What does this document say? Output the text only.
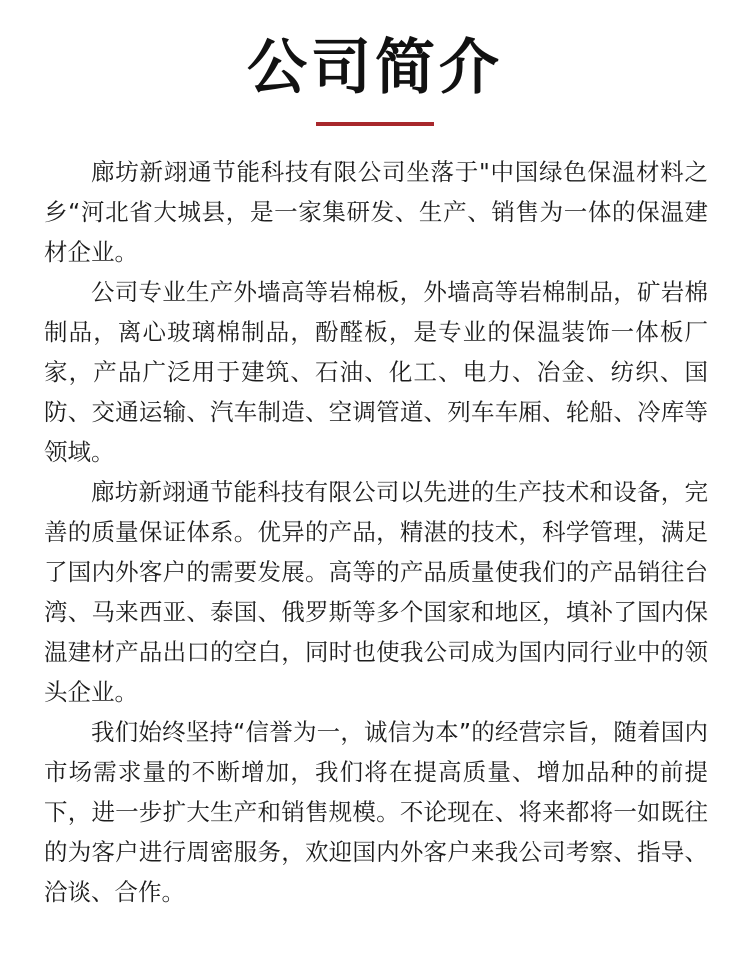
公司简介

廊坊新翊通节能科技有限公司坐落于"中国绿色保温材料之乡“河北省大城县，是一家集研发、生产、销售为一体的保温建材企业。

公司专业生产外墙高等岩棉板，外墙高等岩棉制品，矿岩棉制品，离心玻璃棉制品，酚醛板，是专业的保温装饰一体板厂家，产品广泛用于建筑、石油、化工、电力、冶金、纺织、国防、交通运输、汽车制造、空调管道、列车车厢、轮船、冷库等领域。

廊坊新翊通节能科技有限公司以先进的生产技术和设备，完善的质量保证体系。优异的产品，精湛的技术，科学管理，满足了国内外客户的需要发展。高等的产品质量使我们的产品销往台湾、马来西亚、泰国、俄罗斯等多个国家和地区，填补了国内保温建材产品出口的空白，同时也使我公司成为国内同行业中的领头企业。

我们始终坚持“信誉为一，诚信为本”的经营宗旨，随着国内市场需求量的不断增加，我们将在提高质量、增加品种的前提下，进一步扩大生产和销售规模。不论现在、将来都将一如既往的为客户进行周密服务，欢迎国内外客户来我公司考察、指导、洽谈、合作。
